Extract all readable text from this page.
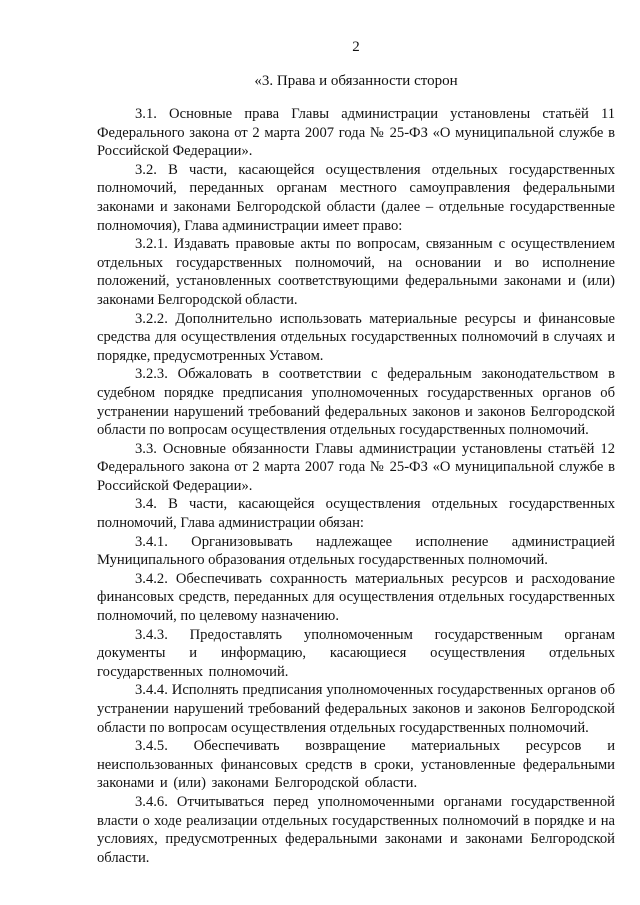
2
«3. Права и обязанности сторон

3.1. Основные права Главы администрации установлены статьёй 11 Федерального закона от 2 марта 2007 года № 25-ФЗ «О муниципальной службе в Российской Федерации».

3.2. В части, касающейся осуществления отдельных государственных полномочий, переданных органам местного самоуправления федеральными законами и законами Белгородской области (далее – отдельные государственные полномочия), Глава администрации имеет право:

3.2.1. Издавать правовые акты по вопросам, связанным с осуществлением отдельных государственных полномочий, на основании и во исполнение положений, установленных соответствующими федеральными законами и (или) законами Белгородской области.

3.2.2. Дополнительно использовать материальные ресурсы и финансовые средства для осуществления отдельных государственных полномочий в случаях и порядке, предусмотренных Уставом.

3.2.3. Обжаловать в соответствии с федеральным законодательством в судебном порядке предписания уполномоченных государственных органов об устранении нарушений требований федеральных законов и законов Белгородской области по вопросам осуществления отдельных государственных полномочий.

3.3. Основные обязанности Главы администрации установлены статьёй 12 Федерального закона от 2 марта 2007 года № 25-ФЗ «О муниципальной службе в Российской Федерации».

3.4. В части, касающейся осуществления отдельных государственных полномочий, Глава администрации обязан:

3.4.1. Организовывать надлежащее исполнение администрацией Муниципального образования отдельных государственных полномочий.

3.4.2. Обеспечивать сохранность материальных ресурсов и расходование финансовых средств, переданных для осуществления отдельных государственных полномочий, по целевому назначению.

3.4.3. Предоставлять уполномоченным государственным органам документы и информацию, касающиеся осуществления отдельных государственных полномочий.

3.4.4. Исполнять предписания уполномоченных государственных органов об устранении нарушений требований федеральных законов и законов Белгородской области по вопросам осуществления отдельных государственных полномочий.

3.4.5. Обеспечивать возвращение материальных ресурсов и неиспользованных финансовых средств в сроки, установленные федеральными законами и (или) законами Белгородской области.

3.4.6. Отчитываться перед уполномоченными органами государственной власти о ходе реализации отдельных государственных полномочий в порядке и на условиях, предусмотренных федеральными законами и законами Белгородской области.
